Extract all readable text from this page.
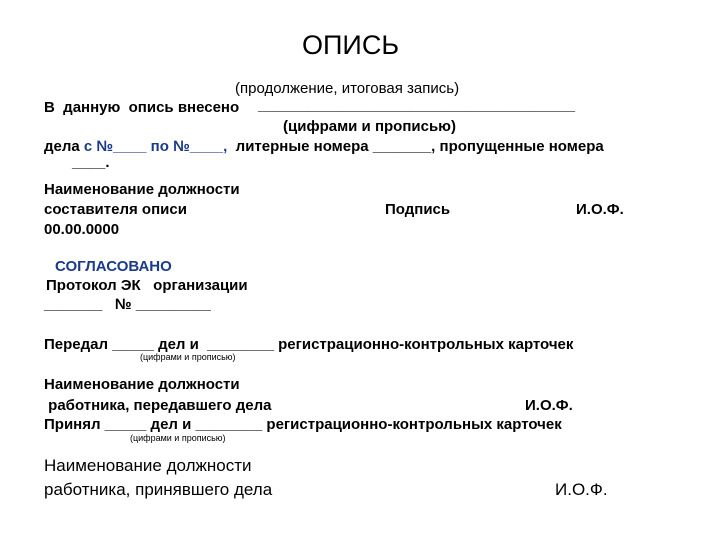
ОПИСЬ
(продолжение, итоговая запись)
В  данную  опись внесено ______________________________________
(цифрами и прописью)
дела с №____ по №____,  литерные номера _______, пропущенные номера
____.
Наименование должности
составителя описи
00.00.0000
Подпись	И.О.Ф.
СОГЛАСОВАНО
Протокол ЭК   организации
_______   № _________
Передал _____ дел и  ________ регистрационно-контрольных карточек
(цифрами и прописью)
Наименование должности
работника, передавшего дела	И.О.Ф.
Принял _____ дел и ________ регистрационно-контрольных карточек
(цифрами и прописью)
Наименование должности
работника, принявшего дела	И.О.Ф.
